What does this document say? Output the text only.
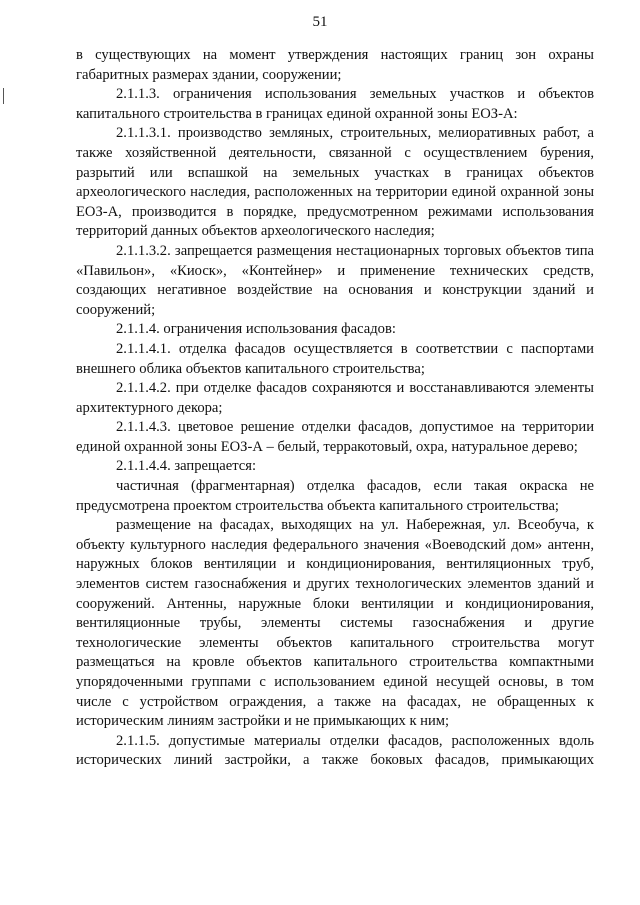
51

в существующих на момент утверждения настоящих границ зон охраны габаритных размерах здании, сооружении;

2.1.1.3. ограничения использования земельных участков и объектов капитального строительства в границах единой охранной зоны ЕОЗ-А:

2.1.1.3.1. производство земляных, строительных, мелиоративных работ, а также хозяйственной деятельности, связанной с осуществлением бурения, разрытий или вспашкой на земельных участках в границах объектов археологического наследия, расположенных на территории единой охранной зоны ЕОЗ-А, производится в порядке, предусмотренном режимами использования территорий данных объектов археологического наследия;

2.1.1.3.2. запрещается размещения нестационарных торговых объектов типа «Павильон», «Киоск», «Контейнер» и применение технических средств, создающих негативное воздействие на основания и конструкции зданий и сооружений;

2.1.1.4. ограничения использования фасадов:

2.1.1.4.1. отделка фасадов осуществляется в соответствии с паспортами внешнего облика объектов капитального строительства;

2.1.1.4.2. при отделке фасадов сохраняются и восстанавливаются элементы архитектурного декора;

2.1.1.4.3. цветовое решение отделки фасадов, допустимое на территории единой охранной зоны ЕОЗ-А – белый, терракотовый, охра, натуральное дерево;

2.1.1.4.4. запрещается:

частичная (фрагментарная) отделка фасадов, если такая окраска не предусмотрена проектом строительства объекта капитального строительства;

размещение на фасадах, выходящих на ул. Набережная, ул. Всеобуча, к объекту культурного наследия федерального значения «Воеводский дом» антенн, наружных блоков вентиляции и кондиционирования, вентиляционных труб, элементов систем газоснабжения и других технологических элементов зданий и сооружений. Антенны, наружные блоки вентиляции и кондиционирования, вентиляционные трубы, элементы системы газоснабжения и другие технологические элементы объектов капитального строительства могут размещаться на кровле объектов капитального строительства компактными упорядоченными группами с использованием единой несущей основы, в том числе с устройством ограждения, а также на фасадах, не обращенных к историческим линиям застройки и не примыкающих к ним;

2.1.1.5. допустимые материалы отделки фасадов, расположенных вдоль исторических линий застройки, а также боковых фасадов, примыкающих
